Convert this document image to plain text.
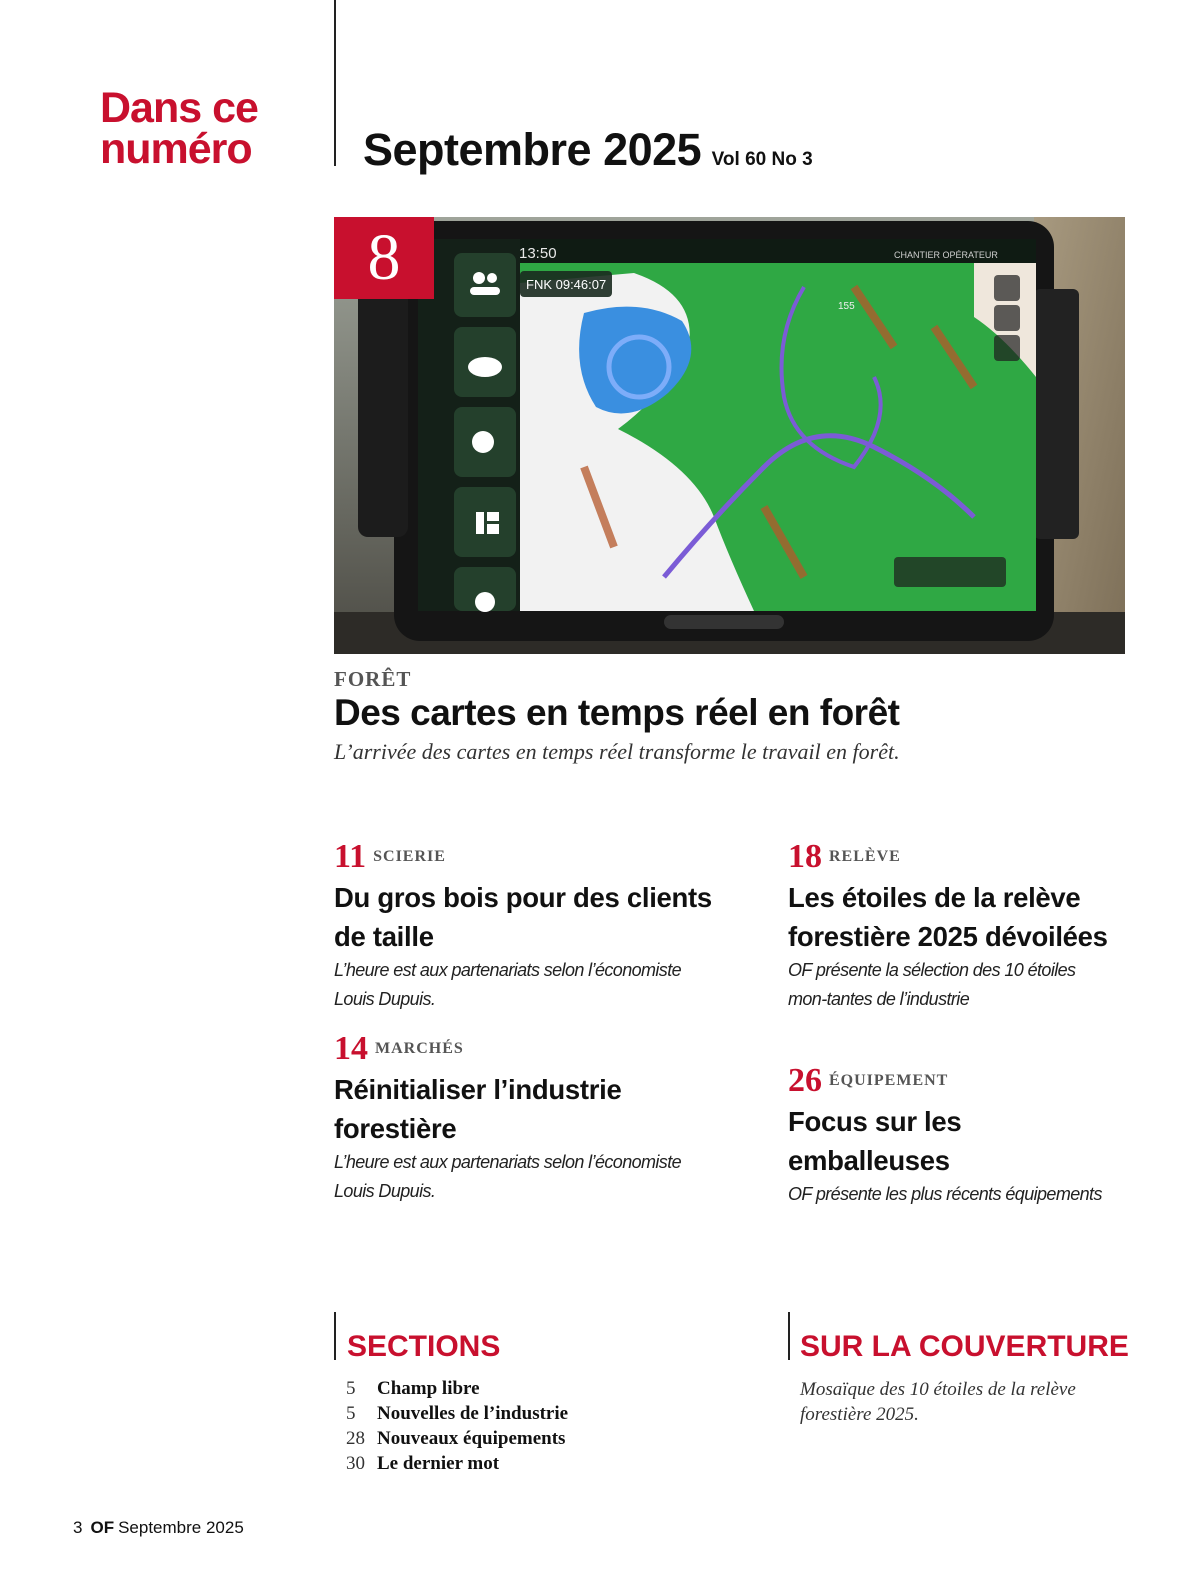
Dans ce numéro	Septembre 2025 Vol 60 No 3
13:50	CHANTIER OPÉRATEUR
FNK 09:46:07
155
8
FORÊT
Des cartes en temps réel en forêt
L’arrivée des cartes en temps réel transforme le travail en forêt.
11 SCIERIE
Du gros bois pour des clients de taille
L’heure est aux partenariats selon l’économiste Louis Dupuis.
14 MARCHÉS
Réinitialiser l’industrie forestière
L’heure est aux partenariats selon l’économiste Louis Dupuis.
18 RELÈVE
Les étoiles de la relève forestière 2025 dévoilées
OF présente la sélection des 10 étoiles mon-tantes de l’industrie
26 ÉQUIPEMENT
Focus sur les emballeuses
OF présente les plus récents équipements
SECTIONS
5 Champ libre
5 Nouvelles de l’industrie
28 Nouveaux équipements
30 Le dernier mot
SUR LA COUVERTURE
Mosaïque des 10 étoiles de la relève forestière 2025.
3 OF Septembre 2025
